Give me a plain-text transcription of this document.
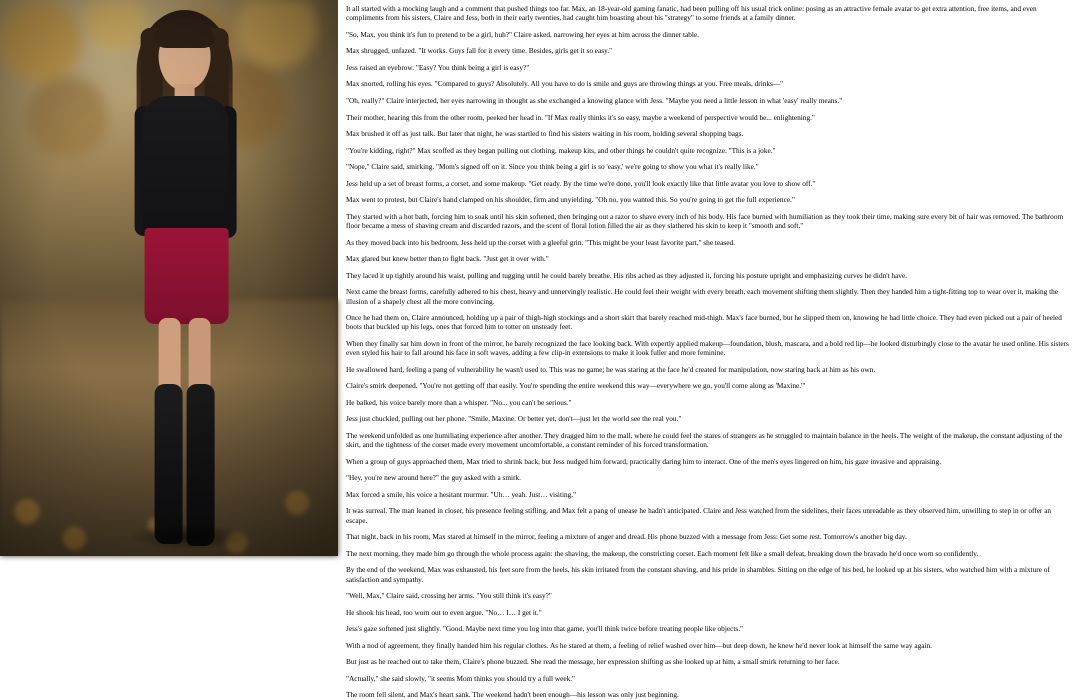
It all started with a mocking laugh and a comment that pushed things too far. Max, an 18-year-old gaming fanatic, had been pulling off his usual trick online: posing as an attractive female avatar to get extra attention, free items, and even compliments from his sisters, Claire and Jess, both in their early twenties, had caught him boasting about his "strategy" to some friends at a family dinner.

"So, Max, you think it's fun to pretend to be a girl, huh?" Claire asked, narrowing her eyes at him across the dinner table.

Max shrugged, unfazed. "It works. Guys fall for it every time. Besides, girls get it so easy."

Jess raised an eyebrow. "Easy? You think being a girl is easy?"

Max snorted, rolling his eyes. "Compared to guys? Absolutely. All you have to do is smile and guys are throwing things at you. Free meals, drinks—"

"Oh, really?" Claire interjected, her eyes narrowing in thought as she exchanged a knowing glance with Jess. "Maybe you need a little lesson in what 'easy' really means."

Their mother, hearing this from the other room, peeked her head in. "If Max really thinks it's so easy, maybe a weekend of perspective would be... enlightening."

Max brushed it off as just talk. But later that night, he was startled to find his sisters waiting in his room, holding several shopping bags.

"You're kidding, right?" Max scoffed as they began pulling out clothing, makeup kits, and other things he couldn't quite recognize. "This is a joke."

"Nope," Claire said, smirking. "Mom's signed off on it. Since you think being a girl is so 'easy,' we're going to show you what it's really like."

Jess held up a set of breast forms, a corset, and some makeup. "Get ready. By the time we're done, you'll look exactly like that little avatar you love to show off."

Max went to protest, but Claire's hand clamped on his shoulder, firm and unyielding. "Oh no, you wanted this. So you're going to get the full experience."

They started with a hot bath, forcing him to soak until his skin softened, then bringing out a razor to shave every inch of his body. His face burned with humiliation as they took their time, making sure every bit of hair was removed. The bathroom floor became a mess of shaving cream and discarded razors, and the scent of floral lotion filled the air as they slathered his skin to keep it "smooth and soft."

As they moved back into his bedroom, Jess held up the corset with a gleeful grin. "This might be your least favorite part," she teased.

Max glared but knew better than to fight back. "Just get it over with."

They laced it up tightly around his waist, pulling and tugging until he could barely breathe. His ribs ached as they adjusted it, forcing his posture upright and emphasizing curves he didn't have.

Next came the breast forms, carefully adhered to his chest, heavy and unnervingly realistic. He could feel their weight with every breath, each movement shifting them slightly. Then they handed him a tight-fitting top to wear over it, making the illusion of a shapely chest all the more convincing.

Once he had them on, Claire announced, holding up a pair of thigh-high stockings and a short skirt that barely reached mid-thigh. Max's face burned, but he slipped them on, knowing he had little choice. They had even picked out a pair of heeled boots that buckled up his legs, ones that forced him to totter on unsteady feet.

When they finally sat him down in front of the mirror, he barely recognized the face looking back. With expertly applied makeup—foundation, blush, mascara, and a bold red lip—he looked disturbingly close to the avatar he used online. His sisters even styled his hair to fall around his face in soft waves, adding a few clip-in extensions to make it look fuller and more feminine.

He swallowed hard, feeling a pang of vulnerability he wasn't used to. This was no game; he was staring at the face he'd created for manipulation, now staring back at him as his own.

Claire's smirk deepened. "You're not getting off that easily. You're spending the entire weekend this way—everywhere we go, you'll come along as 'Maxine.'"

He balked, his voice barely more than a whisper. "No... you can't be serious."

Jess just chuckled, pulling out her phone. "Smile, Maxine. Or better yet, don't—just let the world see the real you."

The weekend unfolded as one humiliating experience after another. They dragged him to the mall, where he could feel the stares of strangers as he struggled to maintain balance in the heels. The weight of the makeup, the constant adjusting of the skirt, and the tightness of the corset made every movement uncomfortable, a constant reminder of his forced transformation.

When a group of guys approached them, Max tried to shrink back, but Jess nudged him forward, practically daring him to interact. One of the men's eyes lingered on him, his gaze invasive and appraising.

"Hey, you're new around here?" the guy asked with a smirk.

Max forced a smile, his voice a hesitant murmur. "Uh… yeah. Just… visiting."

It was surreal. The man leaned in closer, his presence feeling stifling, and Max felt a pang of unease he hadn't anticipated. Claire and Jess watched from the sidelines, their faces unreadable as they observed him, unwilling to step in or offer an escape.

That night, back in his room, Max stared at himself in the mirror, feeling a mixture of anger and dread. His phone buzzed with a message from Jess: Get some rest. Tomorrow's another big day.

The next morning, they made him go through the whole process again: the shaving, the makeup, the constricting corset. Each moment felt like a small defeat, breaking down the bravado he'd once worn so confidently.

By the end of the weekend, Max was exhausted, his feet sore from the heels, his skin irritated from the constant shaving, and his pride in shambles. Sitting on the edge of his bed, he looked up at his sisters, who watched him with a mixture of satisfaction and sympathy.

"Well, Max," Claire said, crossing her arms. "You still think it's easy?"

He shook his head, too worn out to even argue. "No… I… I get it."

Jess's gaze softened just slightly. "Good. Maybe next time you log into that game, you'll think twice before treating people like objects."

With a nod of agreement, they finally handed him his regular clothes. As he stared at them, a feeling of relief washed over him—but deep down, he knew he'd never look at himself the same way again.

But just as he reached out to take them, Claire's phone buzzed. She read the message, her expression shifting as she looked up at him, a small smirk returning to her face.

"Actually," she said slowly, "it seems Mom thinks you should try a full week."

The room fell silent, and Max's heart sank. The weekend hadn't been enough—his lesson was only just beginning.
